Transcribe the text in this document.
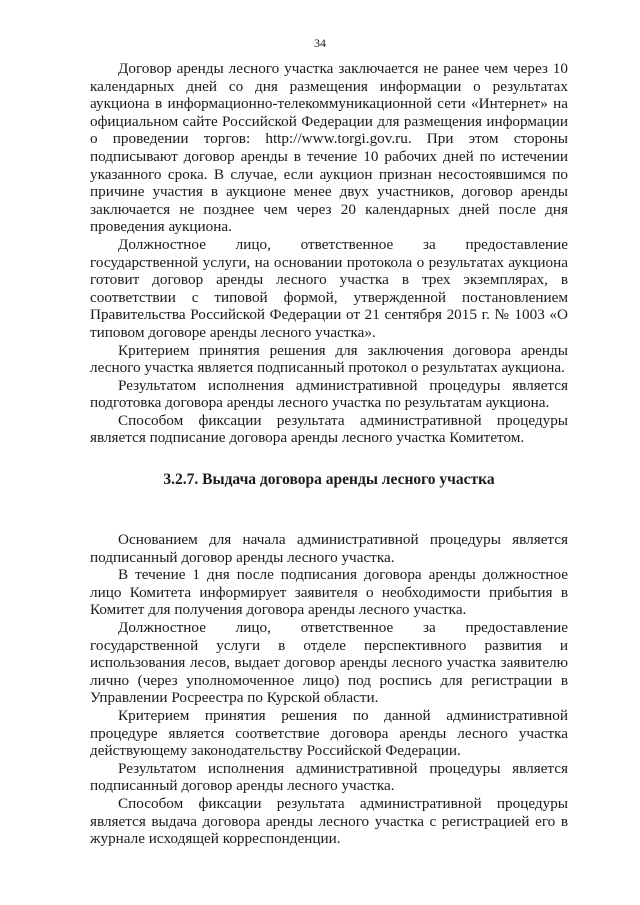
34

Договор аренды лесного участка заключается не ранее чем через 10 календарных дней со дня размещения информации о результатах аукциона в информационно-телекоммуникационной сети «Интернет» на официальном сайте Российской Федерации для размещения информации о проведении торгов: http://www.torgi.gov.ru. При этом стороны подписывают договор аренды в течение 10 рабочих дней по истечении указанного срока. В случае, если аукцион признан несостоявшимся по причине участия в аукционе менее двух участников, договор аренды заключается не позднее чем через 20 календарных дней после дня проведения аукциона.

Должностное лицо, ответственное за предоставление государственной услуги, на основании протокола о результатах аукциона готовит договор аренды лесного участка в трех экземплярах, в соответствии с типовой формой, утвержденной постановлением Правительства Российской Федерации от 21 сентября 2015 г. № 1003 «О типовом договоре аренды лесного участка».

Критерием принятия решения для заключения договора аренды лесного участка является подписанный протокол о результатах аукциона.

Результатом исполнения административной процедуры является подготовка договора аренды лесного участка по результатам аукциона.

Способом фиксации результата административной процедуры является подписание договора аренды лесного участка Комитетом.

3.2.7. Выдача договора аренды лесного участка

Основанием для начала административной процедуры является подписанный договор аренды лесного участка.

В течение 1 дня после подписания договора аренды должностное лицо Комитета информирует заявителя о необходимости прибытия в Комитет для получения договора аренды лесного участка.

Должностное лицо, ответственное за предоставление государственной услуги в отделе перспективного развития и использования лесов, выдает договор аренды лесного участка заявителю лично (через уполномоченное лицо) под роспись для регистрации в Управлении Росреестра по Курской области.

Критерием принятия решения по данной административной процедуре является соответствие договора аренды лесного участка действующему законодательству Российской Федерации.

Результатом исполнения административной процедуры является подписанный договор аренды лесного участка.

Способом фиксации результата административной процедуры является выдача договора аренды лесного участка с регистрацией его в журнале исходящей корреспонденции.
